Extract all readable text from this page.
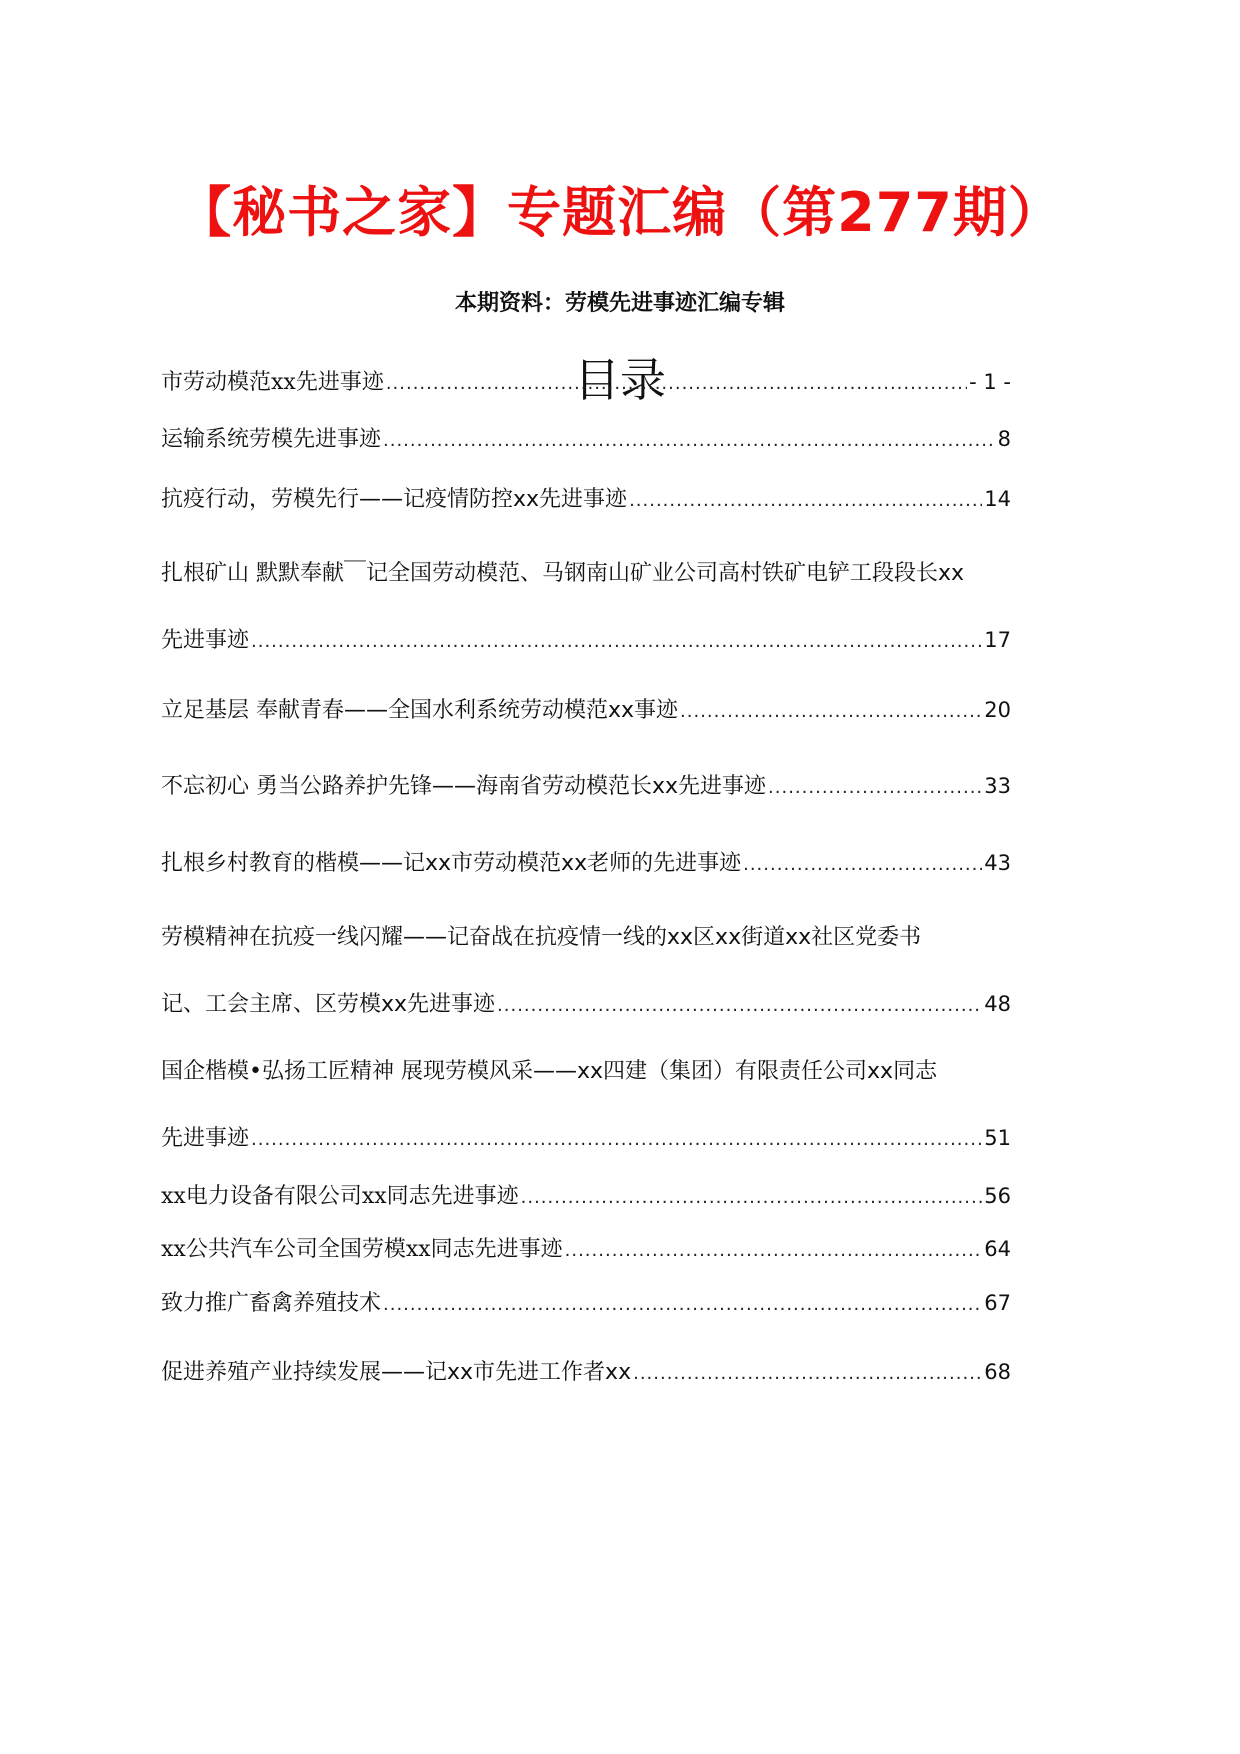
【秘书之家】专题汇编（第277期）
本期资料：劳模先进事迹汇编专辑
目录
市劳动模范xx先进事迹 .....	- 1 -
运输系统劳模先进事迹 .....	8
抗疫行动，劳模先行 ——记疫情防控xx先进事迹 .....	14
扎根矿山 默默奉献￣记全国劳动模范、马钢南山矿业公司高村铁矿电铲工段段长xx
先进事迹 .....	17
立足基层 奉献青春 ——全国水利系统劳动模范xx事迹 .....	20
不忘初心 勇当公路养护先锋 ——海南省劳动模范长xx先进事迹 .....	33
扎根乡村教育的楷模 ——记xx市劳动模范xx老师的先进事迹 .....	43
劳模精神在抗疫一线闪耀——记奋战在抗疫情一线的xx区xx街道xx社区党委书
记、工会主席、区劳模xx先进事迹 .....	48
国企楷模•弘扬工匠精神 展现劳模风采——xx四建（集团）有限责任公司xx同志
先进事迹 .....	51
xx电力设备有限公司xx同志先进事迹 .....	56
xx公共汽车公司全国劳模xx同志先进事迹 .....	64
致力推广畜禽养殖技术 .....	67
促进养殖产业持续发展 ——记xx市先进工作者xx .....	68
